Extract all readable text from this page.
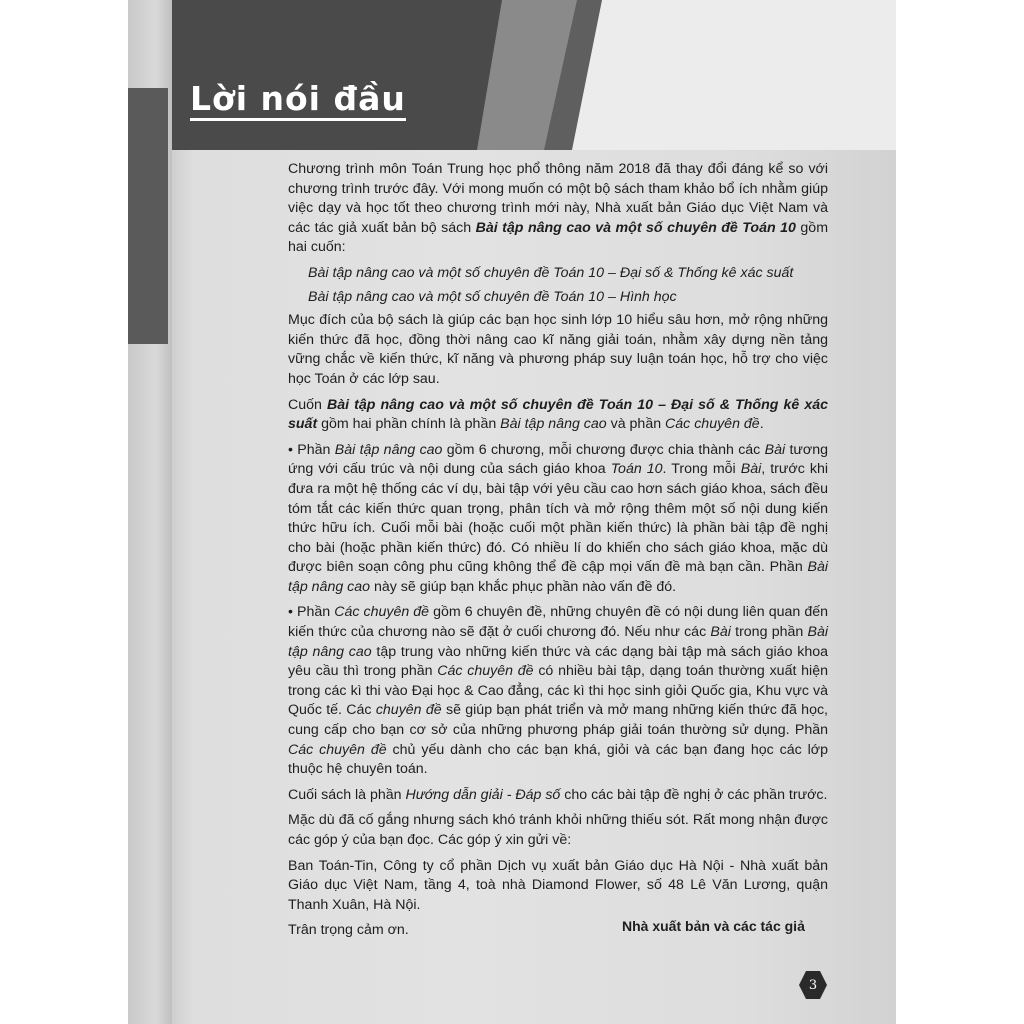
Lời nói đầu

Chương trình môn Toán Trung học phổ thông năm 2018 đã thay đổi đáng kể so với chương trình trước đây. Với mong muốn có một bộ sách tham khảo bổ ích nhằm giúp việc dạy và học tốt theo chương trình mới này, Nhà xuất bản Giáo dục Việt Nam và các tác giả xuất bản bộ sách Bài tập nâng cao và một số chuyên đề Toán 10 gồm hai cuốn:

Bài tập nâng cao và một số chuyên đề Toán 10 – Đại số & Thống kê xác suất

Bài tập nâng cao và một số chuyên đề Toán 10 – Hình học

Mục đích của bộ sách là giúp các bạn học sinh lớp 10 hiểu sâu hơn, mở rộng những kiến thức đã học, đồng thời nâng cao kĩ năng giải toán, nhằm xây dựng nền tảng vững chắc về kiến thức, kĩ năng và phương pháp suy luận toán học, hỗ trợ cho việc học Toán ở các lớp sau.

Cuốn Bài tập nâng cao và một số chuyên đề Toán 10 – Đại số & Thống kê xác suất gồm hai phần chính là phần Bài tập nâng cao và phần Các chuyên đề.

• Phần Bài tập nâng cao gồm 6 chương, mỗi chương được chia thành các Bài tương ứng với cấu trúc và nội dung của sách giáo khoa Toán 10. Trong mỗi Bài, trước khi đưa ra một hệ thống các ví dụ, bài tập với yêu cầu cao hơn sách giáo khoa, sách đều tóm tắt các kiến thức quan trọng, phân tích và mở rộng thêm một số nội dung kiến thức hữu ích. Cuối mỗi bài (hoặc cuối một phần kiến thức) là phần bài tập đề nghị cho bài (hoặc phần kiến thức) đó. Có nhiều lí do khiến cho sách giáo khoa, mặc dù được biên soạn công phu cũng không thể đề cập mọi vấn đề mà bạn cần. Phần Bài tập nâng cao này sẽ giúp bạn khắc phục phần nào vấn đề đó.

• Phần Các chuyên đề gồm 6 chuyên đề, những chuyên đề có nội dung liên quan đến kiến thức của chương nào sẽ đặt ở cuối chương đó. Nếu như các Bài trong phần Bài tập nâng cao tập trung vào những kiến thức và các dạng bài tập mà sách giáo khoa yêu cầu thì trong phần Các chuyên đề có nhiều bài tập, dạng toán thường xuất hiện trong các kì thi vào Đại học & Cao đẳng, các kì thi học sinh giỏi Quốc gia, Khu vực và Quốc tế. Các chuyên đề sẽ giúp bạn phát triển và mở mang những kiến thức đã học, cung cấp cho bạn cơ sở của những phương pháp giải toán thường sử dụng. Phần Các chuyên đề chủ yếu dành cho các bạn khá, giỏi và các bạn đang học các lớp thuộc hệ chuyên toán.

Cuối sách là phần Hướng dẫn giải - Đáp số cho các bài tập đề nghị ở các phần trước.

Mặc dù đã cố gắng nhưng sách khó tránh khỏi những thiếu sót. Rất mong nhận được các góp ý của bạn đọc. Các góp ý xin gửi về:

Ban Toán-Tin, Công ty cổ phần Dịch vụ xuất bản Giáo dục Hà Nội - Nhà xuất bản Giáo dục Việt Nam, tầng 4, toà nhà Diamond Flower, số 48 Lê Văn Lương, quận Thanh Xuân, Hà Nội.

Trân trọng cảm ơn.	Nhà xuất bản và các tác giả
3
